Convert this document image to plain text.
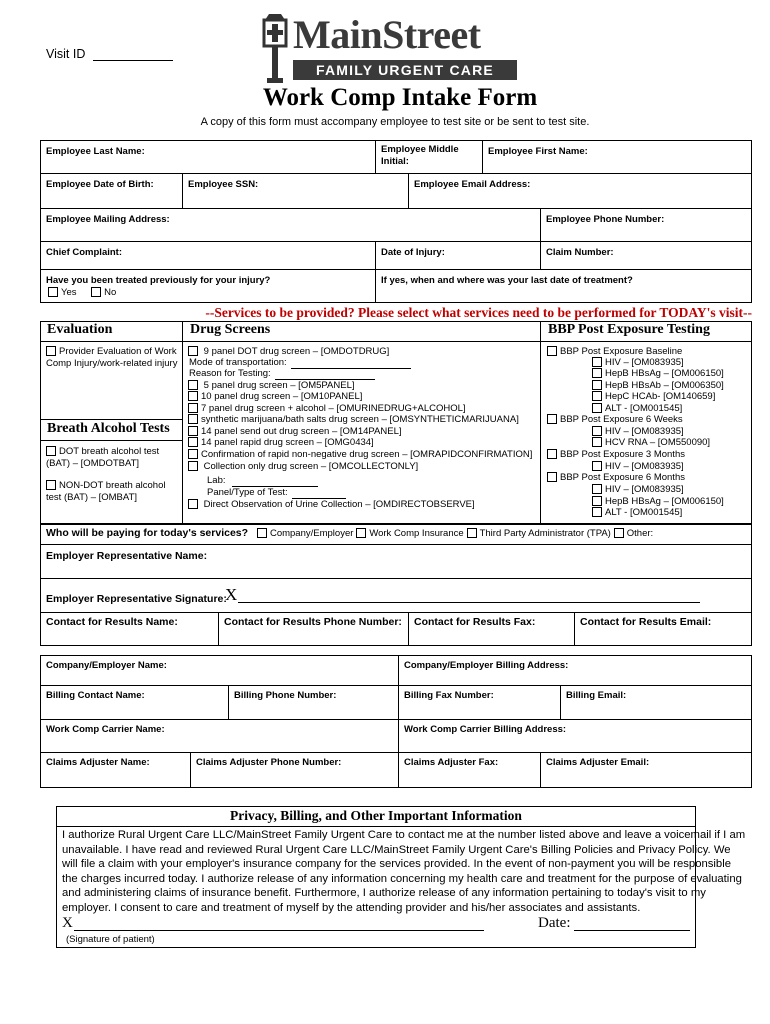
Visit ID	MainStreet
FAMILY URGENT CARE
Work Comp Intake Form
A copy of this form must accompany employee to test site or be sent to test site.
Employee Last Name:	Employee Middle Initial:
Employee First Name:
Employee Date of Birth:	Employee SSN:	Employee Email Address:
Employee Mailing Address:	Employee Phone Number:
Chief Complaint:	Date of Injury:	Claim Number:
Have you been treated previously for your injury?
Yes	No
If yes, when and where was your last date of treatment?
--Services to be provided? Please select what services need to be performed for TODAY's visit--
Evaluation	Drug Screens	BBP Post Exposure Testing
Provider Evaluation of Work Comp Injury/work-related injury
Breath Alcohol Tests
DOT breath alcohol test (BAT) – [OMDOTBAT]
NON-DOT breath alcohol test (BAT) – [OMBAT]
9 panel DOT drug screen – [OMDOTDRUG]
Mode of transportation:
Reason for Testing:
5 panel drug screen – [OM5PANEL]
10 panel drug screen – [OM10PANEL]
7 panel drug screen + alcohol – [OMURINEDRUG+ALCOHOL]
synthetic marijuana/bath salts drug screen – [OMSYNTHETICMARIJUANA]
14 panel send out drug screen – [OM14PANEL]
14 panel rapid drug screen – [OMG0434]
Confirmation of rapid non-negative drug screen – [OMRAPIDCONFIRMATION]
Collection only drug screen – [OMCOLLECTONLY]
Lab:
Panel/Type of Test:
Direct Observation of Urine Collection – [OMDIRECTOBSERVE]
BBP Post Exposure Baseline
HIV – [OM083935]
HepB HBsAg – [OM006150]
HepB HBsAb – [OM006350]
HepC HCAb- [OM140659]
ALT - [OM001545]
BBP Post Exposure 6 Weeks
HIV – [OM083935]
HCV RNA – [OM550090]
BBP Post Exposure 3 Months
HIV – [OM083935]
BBP Post Exposure 6 Months
HIV – [OM083935]
HepB HBsAg – [OM006150]
ALT - [OM001545]
Who will be paying for today's services? Company/Employer Work Comp Insurance Third Party Administrator (TPA) Other:
Employer Representative Name:
Employer Representative Signature:
X
Contact for Results Name:	Contact for Results Phone Number: Contact for Results Fax:	Contact for Results Email:
Company/Employer Name:	Company/Employer Billing Address:
Billing Contact Name:	Billing Phone Number:	Billing Fax Number:	Billing Email:
Work Comp Carrier Name:	Work Comp Carrier Billing Address:
Claims Adjuster Name:	Claims Adjuster Phone Number:	Claims Adjuster Fax:	Claims Adjuster Email:
Privacy, Billing, and Other Important Information
I authorize Rural Urgent Care LLC/MainStreet Family Urgent Care to contact me at the number listed above and leave a voicemail if I am
unavailable. I have read and reviewed Rural Urgent Care LLC/MainStreet Family Urgent Care's Billing Policies and Privacy Policy. We
will file a claim with your employer's insurance company for the services provided. In the event of non-payment you will be responsible
the charges incurred today. I authorize release of any information concerning my health care and treatment for the purpose of evaluating
and administering claims of insurance benefit. Furthermore, I authorize release of any information pertaining to today's visit to my
employer. I consent to care and treatment of myself by the attending provider and his/her associates and assistants.
X	Date:
(Signature of patient)
